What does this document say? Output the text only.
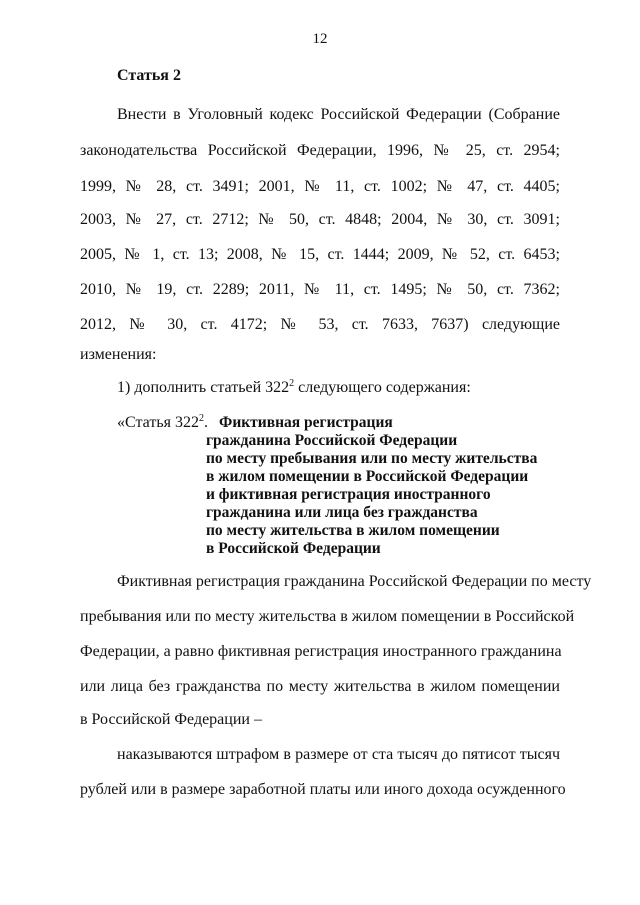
12
Статья 2
Внести в Уголовный кодекс Российской Федерации (Собрание
законодательства Российской Федерации, 1996, № 25, ст. 2954;
1999, № 28, ст. 3491; 2001, № 11, ст. 1002; № 47, ст. 4405;
2003, № 27, ст. 2712; № 50, ст. 4848; 2004, № 30, ст. 3091;
2005, № 1, ст. 13; 2008, № 15, ст. 1444; 2009, № 52, ст. 6453;
2010, № 19, ст. 2289; 2011, № 11, ст. 1495; № 50, ст. 7362;
2012, № 30, ст. 4172; № 53, ст. 7633, 7637) следующие
изменения:
1) дополнить статьей $322^2$ следующего содержания:
«Статья $322^2$. Фиктивная регистрация
гражданина Российской Федерации
по месту пребывания или по месту жительства
в жилом помещении в Российской Федерации
и фиктивная регистрация иностранного
гражданина или лица без гражданства
по месту жительства в жилом помещении
в Российской Федерации
Фиктивная регистрация гражданина Российской Федерации по месту
пребывания или по месту жительства в жилом помещении в Российской
Федерации, а равно фиктивная регистрация иностранного гражданина
или лица без гражданства по месту жительства в жилом помещении
в Российской Федерации –
наказываются штрафом в размере от ста тысяч до пятисот тысяч
рублей или в размере заработной платы или иного дохода осужденного
